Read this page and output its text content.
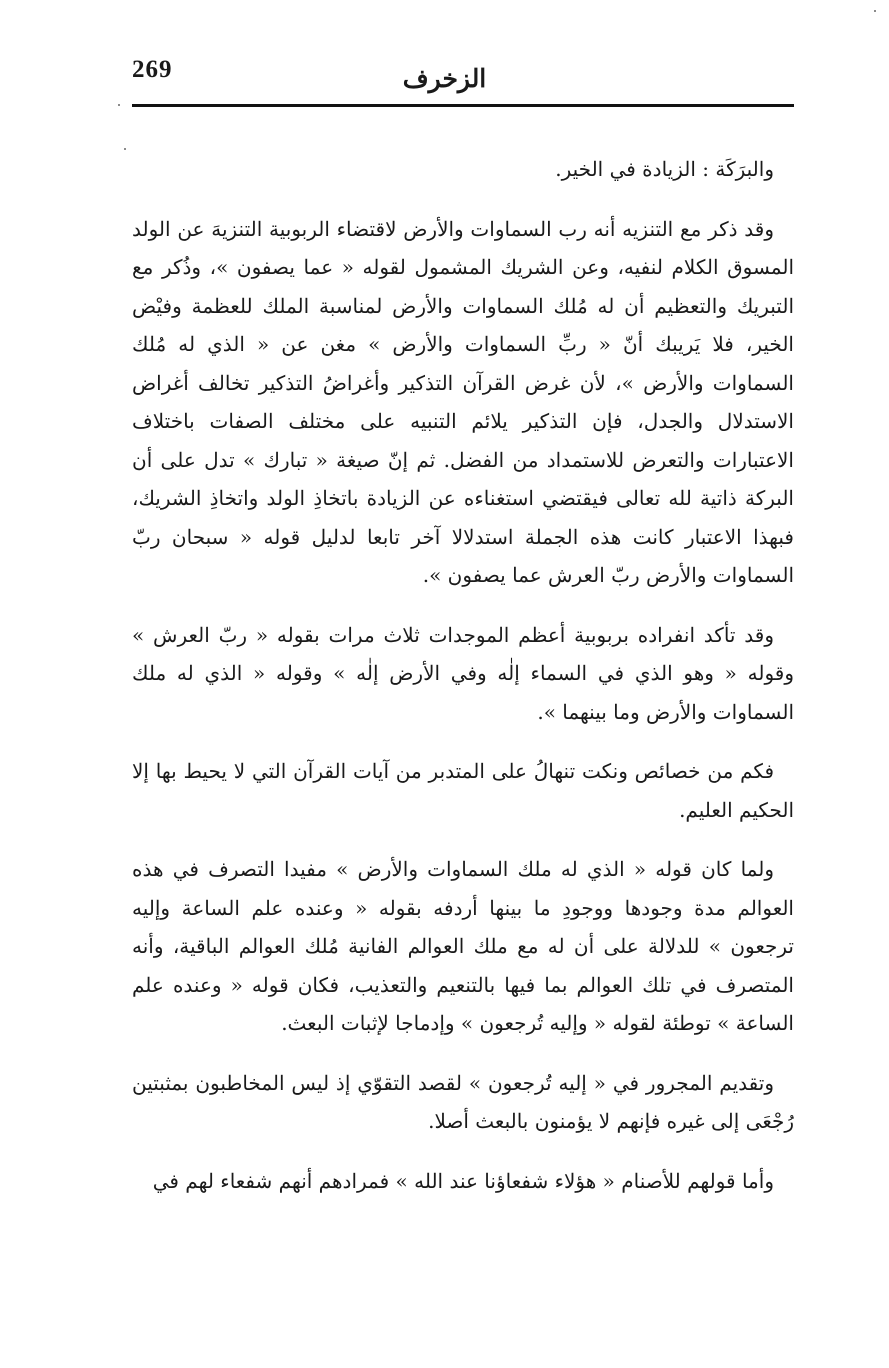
269	الزخرف

والبرَكَة : الزيادة في الخير.

وقد ذكر مع التنزيه أنه رب السماوات والأرض لاقتضاء الربوبية التنزيهَ عن الولد المسوق الكلام لنفيه، وعن الشريك المشمول لقوله « عما يصفون »، وذُكر مع التبريك والتعظيم أن له مُلك السماوات والأرض لمناسبة الملك للعظمة وفيْض الخير، فلا يَريبك أنّ « ربِّ السماوات والأرض » مغن عن « الذي له مُلك السماوات والأرض »، لأن غرض القرآن التذكير وأغراضُ التذكير تخالف أغراض الاستدلال والجدل، فإن التذكير يلائم التنبيه على مختلف الصفات باختلاف الاعتبارات والتعرض للاستمداد من الفضل. ثم إنّ صيغة « تبارك » تدل على أن البركة ذاتية لله تعالى فيقتضي استغناءه عن الزيادة باتخاذِ الولد واتخاذِ الشريك، فبهذا الاعتبار كانت هذه الجملة استدلالا آخر تابعا لدليل قوله « سبحان ربّ السماوات والأرض ربّ العرش عما يصفون ».

وقد تأكد انفراده بربوبية أعظم الموجدات ثلاث مرات بقوله « ربّ العرش » وقوله « وهو الذي في السماء إلٰه وفي الأرض إلٰه » وقوله « الذي له ملك السماوات والأرض وما بينهما ».

فكم من خصائص ونكت تنهالُ على المتدبر من آيات القرآن التي لا يحيط بها إلا الحكيم العليم.

ولما كان قوله « الذي له ملك السماوات والأرض » مفيدا التصرف في هذه العوالم مدة وجودها ووجودِ ما بينها أردفه بقوله « وعنده علم الساعة وإليه ترجعون » للدلالة على أن له مع ملك العوالم الفانية مُلك العوالم الباقية، وأنه المتصرف في تلك العوالم بما فيها بالتنعيم والتعذيب، فكان قوله « وعنده علم الساعة » توطئة لقوله « وإليه تُرجعون » وإدماجا لإثبات البعث.

وتقديم المجرور في « إليه تُرجعون » لقصد التقوّي إذ ليس المخاطبون بمثبتين رُجْعَى إلى غيره فإنهم لا يؤمنون بالبعث أصلا.

وأما قولهم للأصنام « هؤلاء شفعاؤنا عند الله » فمرادهم أنهم شفعاء لهم في
